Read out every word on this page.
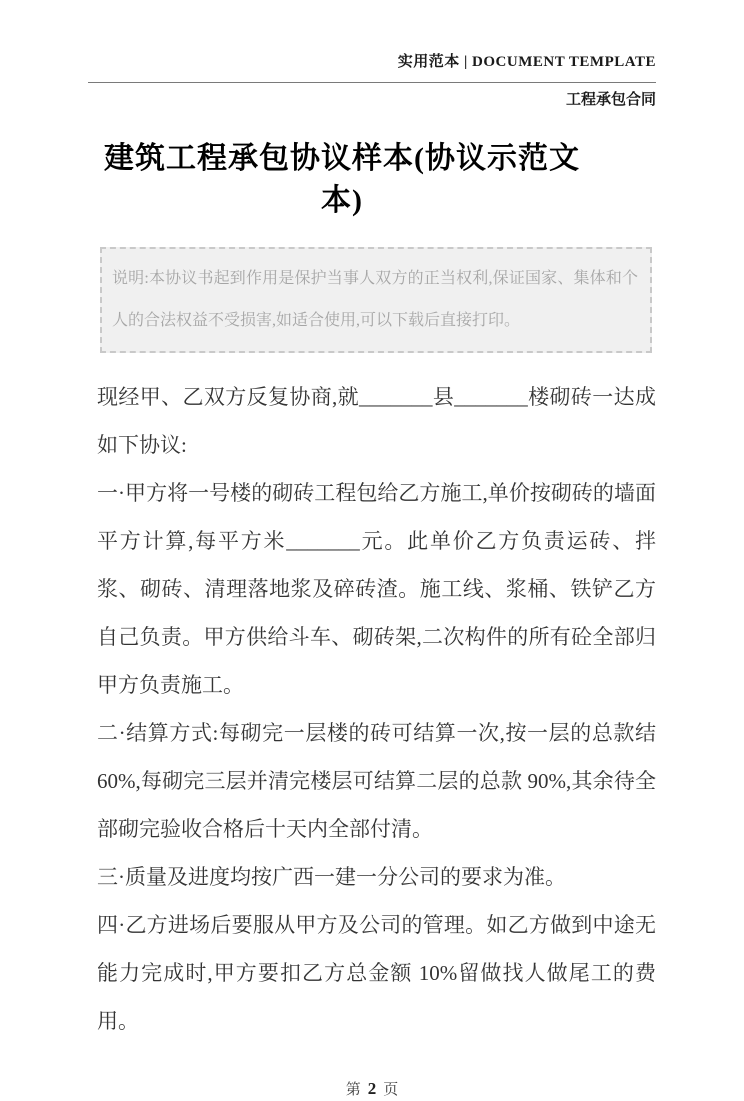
实用范本 | DOCUMENT TEMPLATE
工程承包合同
建筑工程承包协议样本(协议示范文本)
说明:本协议书起到作用是保护当事人双方的正当权利,保证国家、集体和个人的合法权益不受损害,如适合使用,可以下载后直接打印。

现经甲、乙双方反复协商,就_______县_______楼砌砖一达成如下协议:

一·甲方将一号楼的砌砖工程包给乙方施工,单价按砌砖的墙面平方计算,每平方米_______元。此单价乙方负责运砖、拌浆、砌砖、清理落地浆及碎砖渣。施工线、浆桶、铁铲乙方自己负责。甲方供给斗车、砌砖架,二次构件的所有砼全部归甲方负责施工。

二·结算方式:每砌完一层楼的砖可结算一次,按一层的总款结60%,每砌完三层并清完楼层可结算二层的总款 90%,其余待全部砌完验收合格后十天内全部付清。

三·质量及进度均按广西一建一分公司的要求为准。

四·乙方进场后要服从甲方及公司的管理。如乙方做到中途无能力完成时,甲方要扣乙方总金额 10%留做找人做尾工的费用。

第 2 页
